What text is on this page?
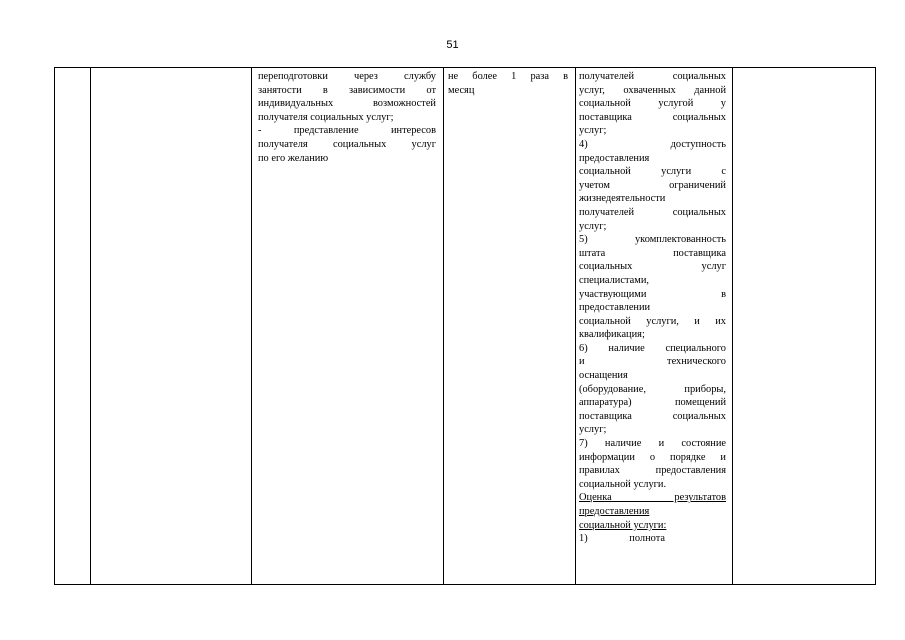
51
переподготовки через службу
занятости в зависимости от
индивидуальных возможностей
получателя социальных услуг;
- представление интересов
получателя социальных услуг
по его желанию
не более 1 раза в
месяц
получателей социальных
услуг, охваченных данной
социальной услугой у
поставщика социальных
услуг;
4) доступность
предоставления
социальной услуги с
учетом ограничений
жизнедеятельности
получателей социальных
услуг;
5) укомплектованность
штата поставщика
социальных услуг
специалистами,
участвующими в
предоставлении
социальной услуги, и их
квалификация;
6) наличие специального
и технического
оснащения
(оборудование, приборы,
аппаратура) помещений
поставщика социальных
услуг;
7) наличие и состояние
информации о порядке и
правилах предоставления
социальной услуги.
Оценка результатов
предоставления
социальной услуги:
1) полнота
